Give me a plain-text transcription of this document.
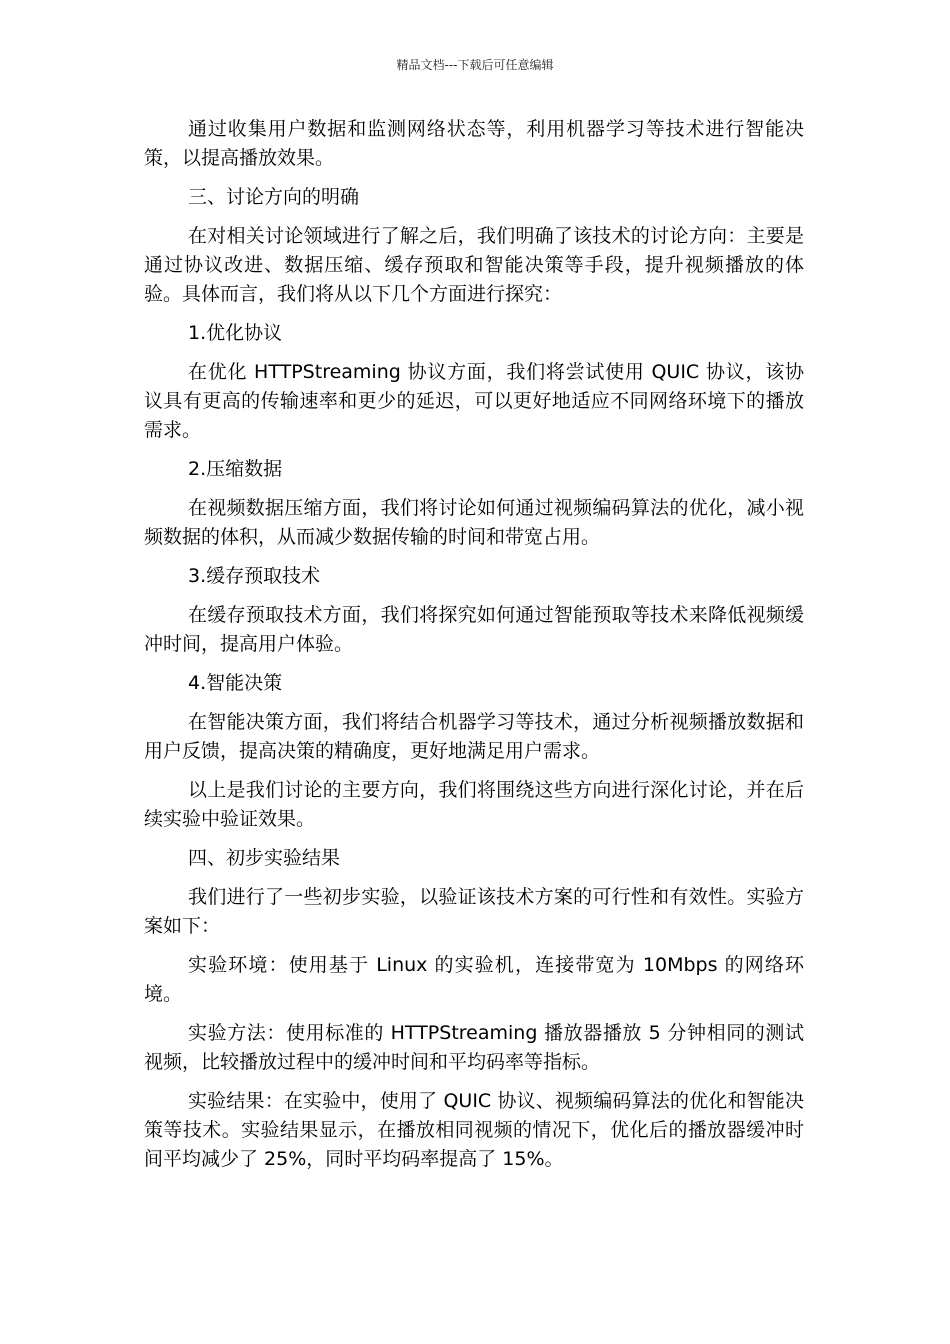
精品文档---下载后可任意编辑

通过收集用户数据和监测网络状态等，利用机器学习等技术进行智能决策，以提高播放效果。

三、讨论方向的明确

在对相关讨论领域进行了解之后，我们明确了该技术的讨论方向：主要是通过协议改进、数据压缩、缓存预取和智能决策等手段，提升视频播放的体验。具体而言，我们将从以下几个方面进行探究：

1.优化协议

在优化 HTTPStreaming 协议方面，我们将尝试使用 QUIC 协议，该协议具有更高的传输速率和更少的延迟，可以更好地适应不同网络环境下的播放需求。

2.压缩数据

在视频数据压缩方面，我们将讨论如何通过视频编码算法的优化，减小视频数据的体积，从而减少数据传输的时间和带宽占用。

3.缓存预取技术

在缓存预取技术方面，我们将探究如何通过智能预取等技术来降低视频缓冲时间，提高用户体验。

4.智能决策

在智能决策方面，我们将结合机器学习等技术，通过分析视频播放数据和用户反馈，提高决策的精确度，更好地满足用户需求。

以上是我们讨论的主要方向，我们将围绕这些方向进行深化讨论，并在后续实验中验证效果。

四、初步实验结果

我们进行了一些初步实验，以验证该技术方案的可行性和有效性。实验方案如下：

实验环境：使用基于 Linux 的实验机，连接带宽为 10Mbps 的网络环境。

实验方法：使用标准的 HTTPStreaming 播放器播放 5 分钟相同的测试视频，比较播放过程中的缓冲时间和平均码率等指标。

实验结果：在实验中，使用了 QUIC 协议、视频编码算法的优化和智能决策等技术。实验结果显示，在播放相同视频的情况下，优化后的播放器缓冲时间平均减少了 25%，同时平均码率提高了 15%。
